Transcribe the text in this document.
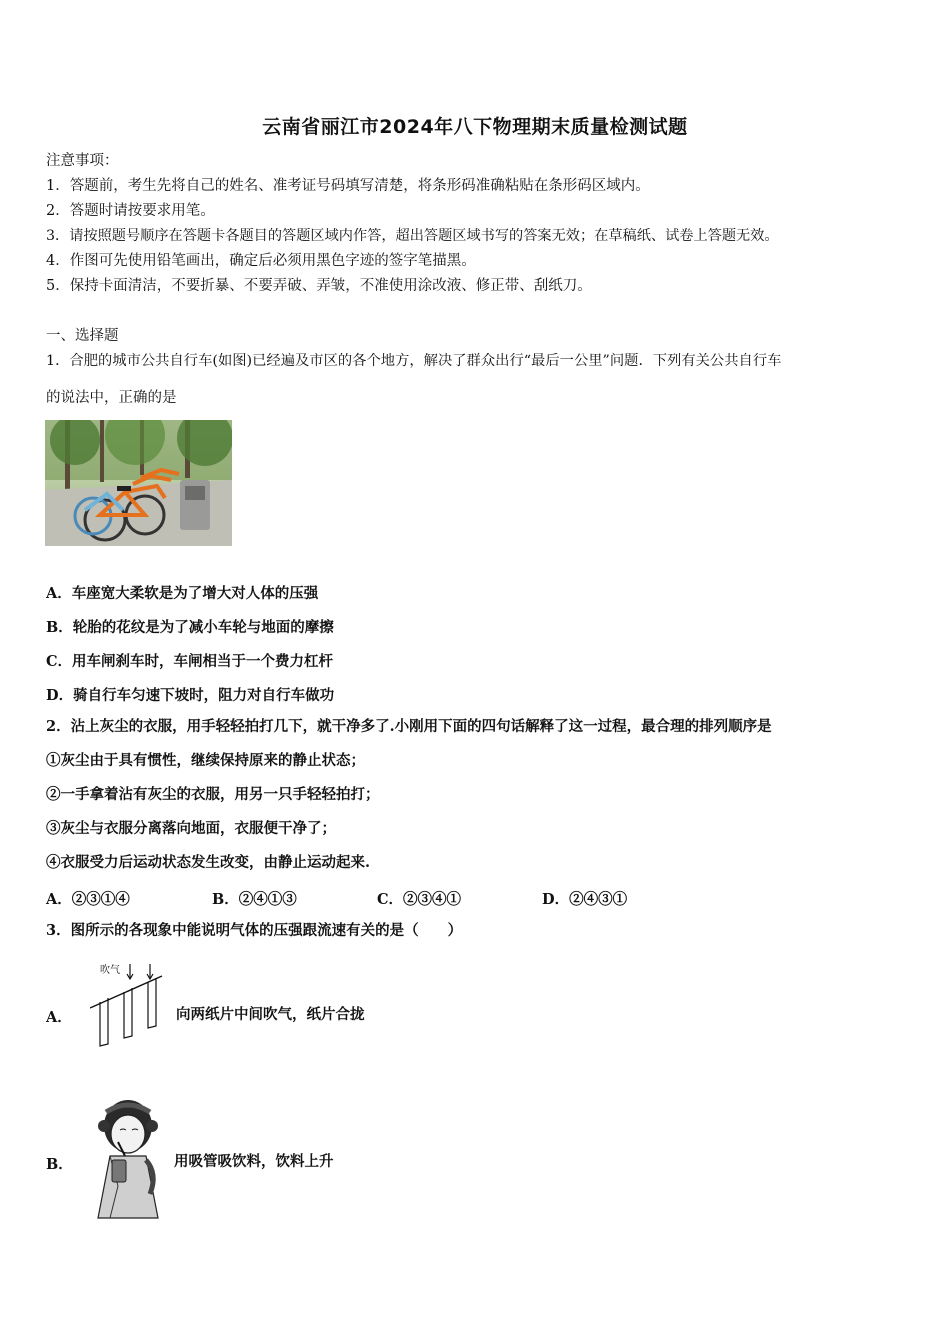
云南省丽江市2024年八下物理期末质量检测试题
注意事项：
1．答题前，考生先将自己的姓名、准考证号码填写清楚，将条形码准确粘贴在条形码区域内。
2．答题时请按要求用笔。
3．请按照题号顺序在答题卡各题目的答题区域内作答，超出答题区域书写的答案无效；在草稿纸、试卷上答题无效。
4．作图可先使用铅笔画出，确定后必须用黑色字迹的签字笔描黑。
5．保持卡面清洁，不要折暴、不要弄破、弄皱，不准使用涂改液、修正带、刮纸刀。
一、选择题
1．合肥的城市公共自行车(如图)已经遍及市区的各个地方，解决了群众出行“最后一公里”问题．下列有关公共自行车
的说法中，正确的是
A．车座宽大柔软是为了增大对人体的压强
B．轮胎的花纹是为了减小车轮与地面的摩擦
C．用车闸刹车时，车闸相当于一个费力杠杆
D．骑自行车匀速下坡时，阻力对自行车做功
2．沾上灰尘的衣服，用手轻轻拍打几下，就干净多了.小刚用下面的四句话解释了这一过程，最合理的排列顺序是
①灰尘由于具有惯性，继续保持原来的静止状态；
②一手拿着沾有灰尘的衣服，用另一只手轻轻拍打；
③灰尘与衣服分离落向地面，衣服便干净了；
④衣服受力后运动状态发生改变，由静止运动起来.
A．②③①④	B．②④①③	C．②③④①	D．②④③①
3．图所示的各现象中能说明气体的压强跟流速有关的是（　　）
A．
吹气
向两纸片中间吹气，纸片合拢
B．	用吸管吸饮料，饮料上升
